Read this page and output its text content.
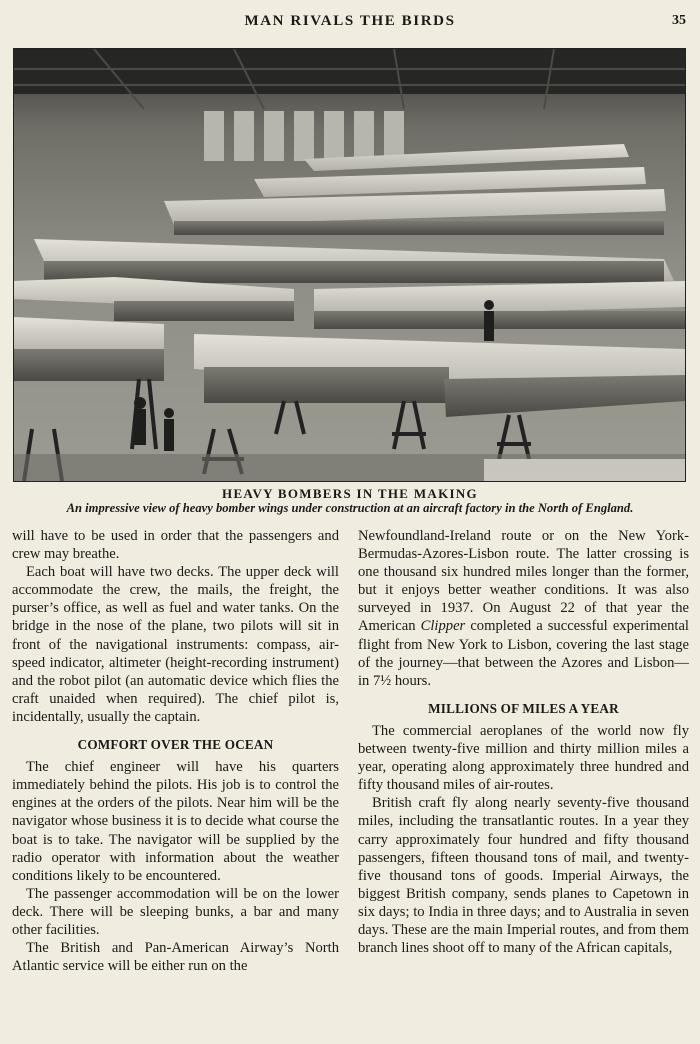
MAN RIVALS THE BIRDS	35
HEAVY BOMBERS IN THE MAKING
An impressive view of heavy bomber wings under construction at an aircraft factory in the North of England.

will have to be used in order that the passengers and crew may breathe.

Each boat will have two decks. The upper deck will accommodate the crew, the mails, the freight, the purser’s office, as well as fuel and water tanks. On the bridge in the nose of the plane, two pilots will sit in front of the navigational instruments: compass, air-speed indicator, altimeter (height-recording instrument) and the robot pilot (an automatic device which flies the craft unaided when required). The chief pilot is, incidentally, usually the captain.

COMFORT OVER THE OCEAN

The chief engineer will have his quarters immediately behind the pilots. His job is to control the engines at the orders of the pilots. Near him will be the navigator whose business it is to decide what course the boat is to take. The navigator will be supplied by the radio operator with information about the weather conditions likely to be encountered.

The passenger accommodation will be on the lower deck. There will be sleeping bunks, a bar and many other facilities.

The British and Pan-American Airway’s North Atlantic service will be either run on the

Newfoundland-Ireland route or on the New York-Bermudas-Azores-Lisbon route. The latter crossing is one thousand six hundred miles longer than the former, but it enjoys better weather conditions. It was also surveyed in 1937. On August 22 of that year the American Clipper completed a successful experimental flight from New York to Lisbon, covering the last stage of the journey—that between the Azores and Lisbon—in 7½ hours.

MILLIONS OF MILES A YEAR

The commercial aeroplanes of the world now fly between twenty-five million and thirty million miles a year, operating along approximately three hundred and fifty thousand miles of air-routes.

British craft fly along nearly seventy-five thousand miles, including the transatlantic routes. In a year they carry approximately four hundred and fifty thousand passengers, fifteen thousand tons of mail, and twenty-five thousand tons of goods. Imperial Airways, the biggest British company, sends planes to Capetown in six days; to India in three days; and to Australia in seven days. These are the main Imperial routes, and from them branch lines shoot off to many of the African capitals,
